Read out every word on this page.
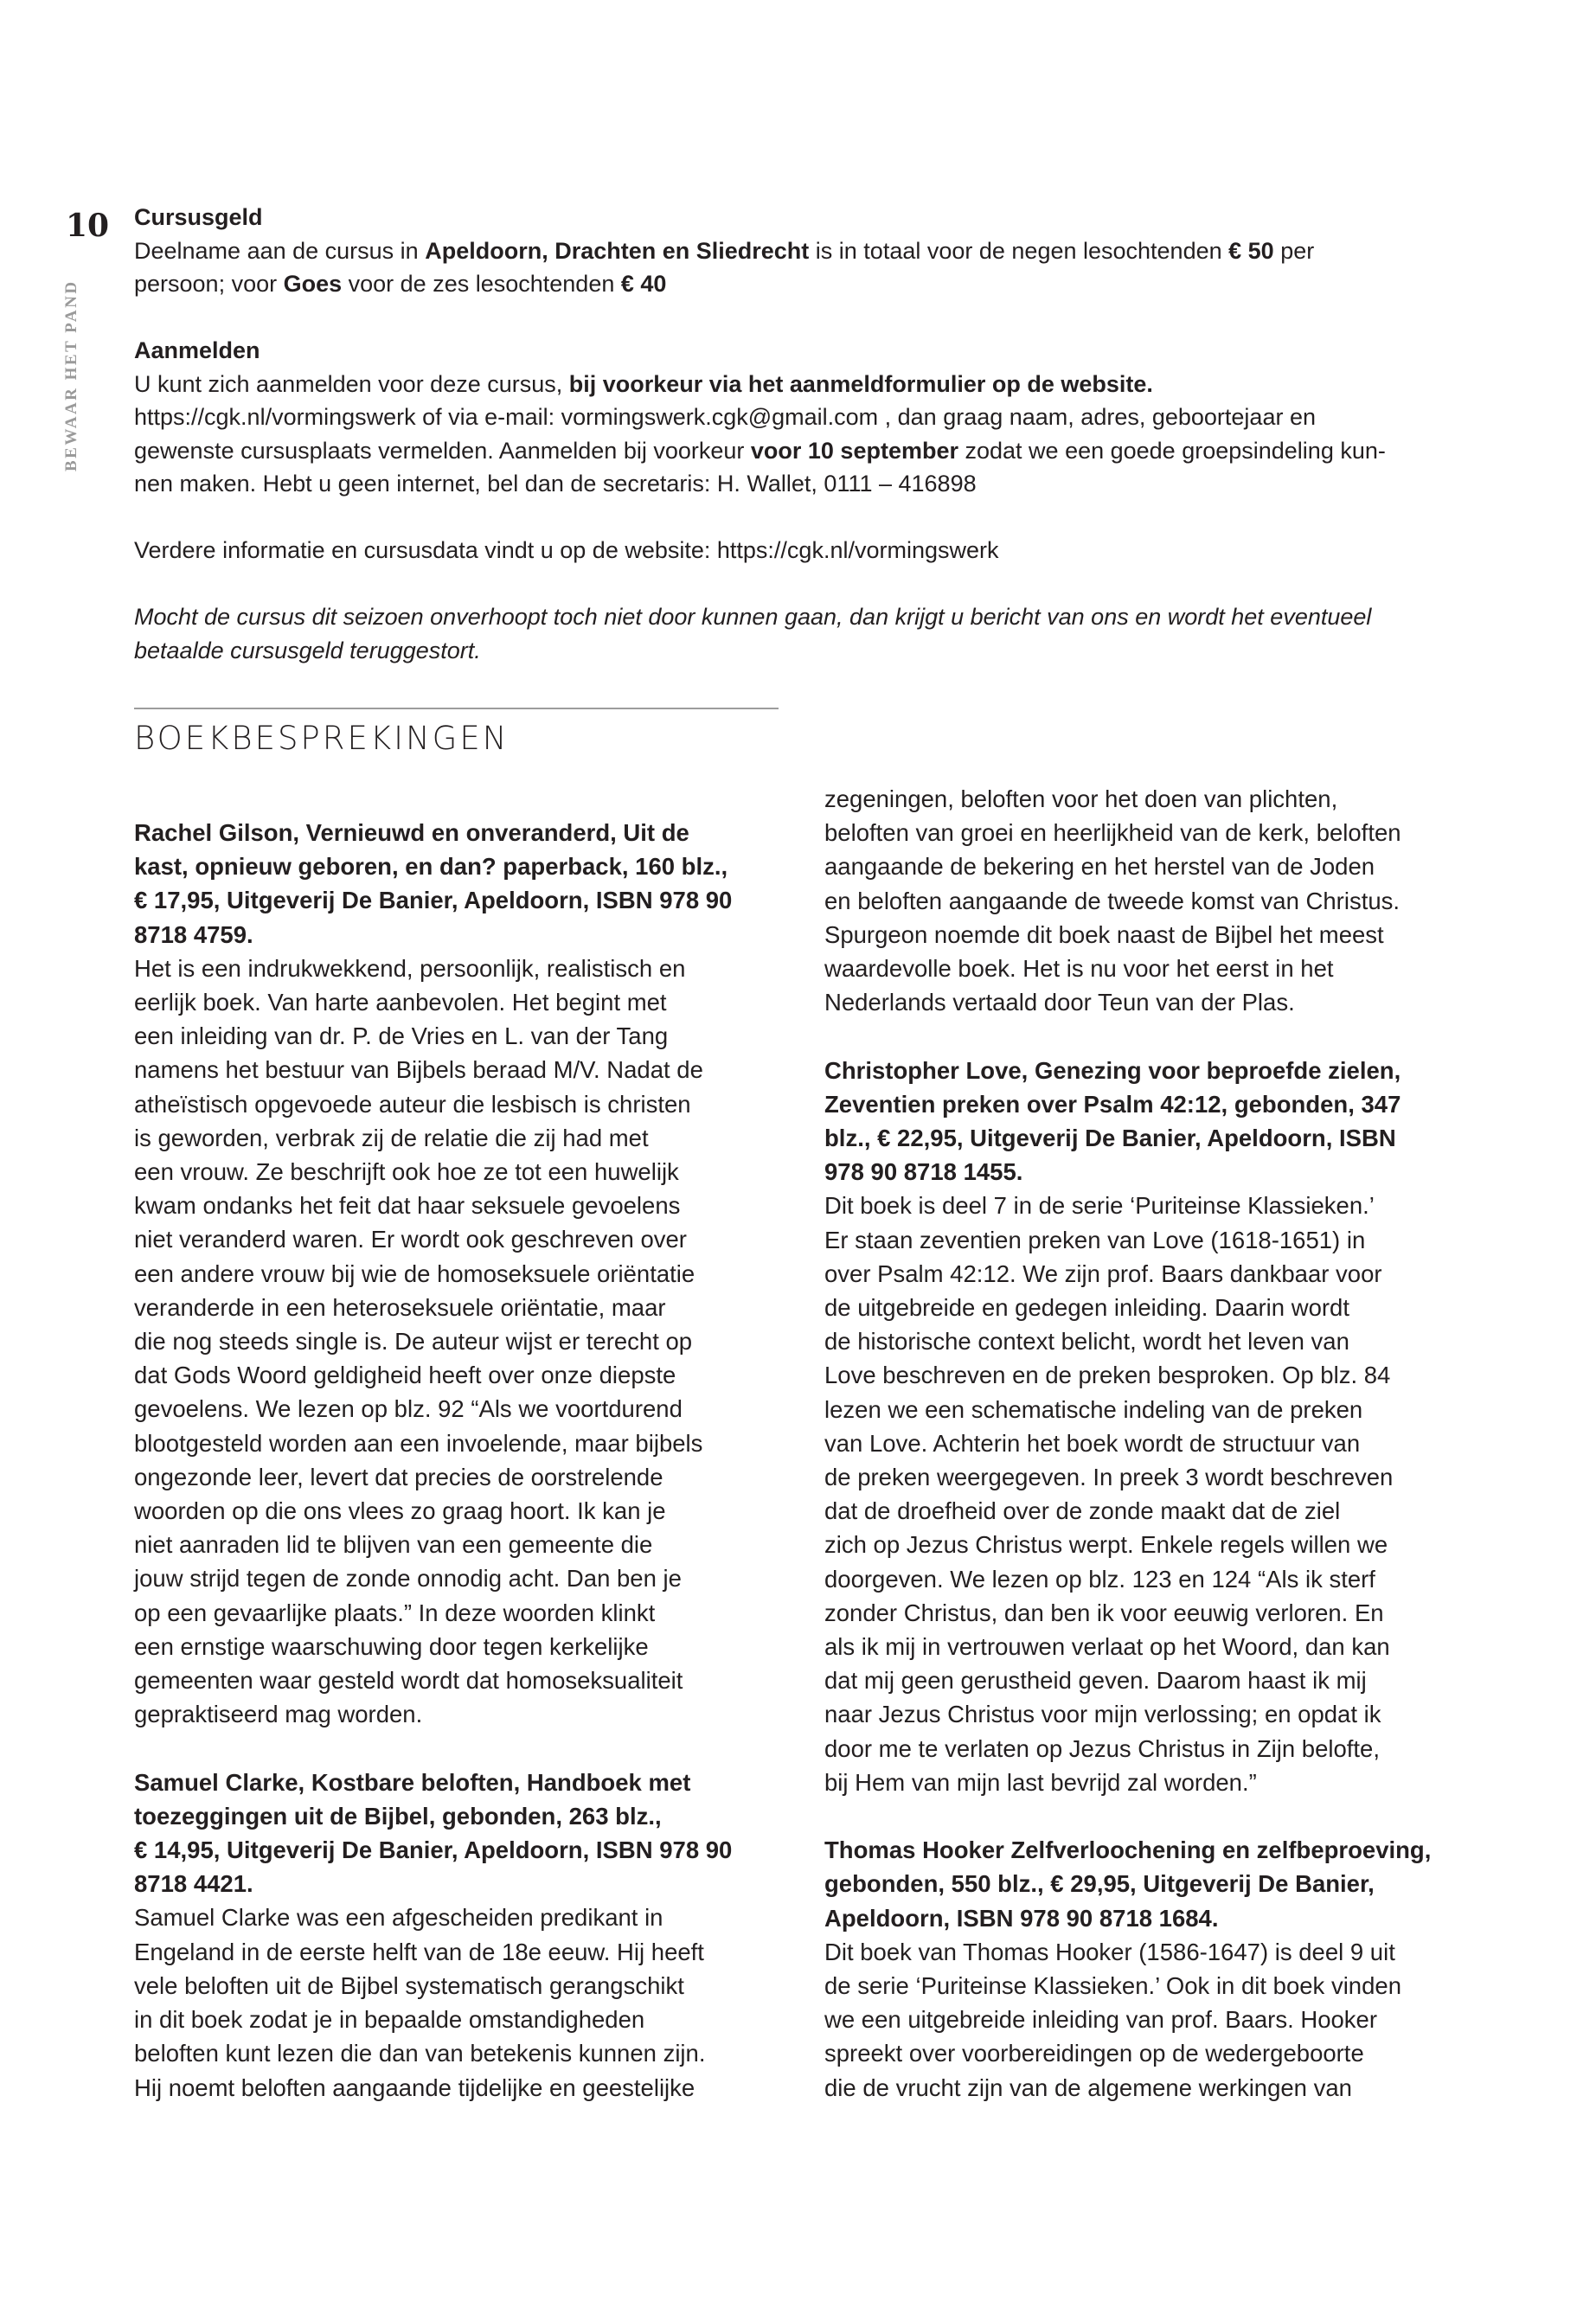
10
BEWAAR HET PAND

Cursusgeld

Deelname aan de cursus in Apeldoorn, Drachten en Sliedrecht is in totaal voor de negen lesochtenden € 50 per

persoon; voor Goes voor de zes lesochtenden € 40

Aanmelden

U kunt zich aanmelden voor deze cursus, bij voorkeur via het aanmeldformulier op de website.

https://cgk.nl/vormingswerk of via e-mail: vormingswerk.cgk@gmail.com , dan graag naam, adres, geboortejaar en

gewenste cursusplaats vermelden. Aanmelden bij voorkeur voor 10 september zodat we een goede groepsindeling kun-

nen maken. Hebt u geen internet, bel dan de secretaris: H. Wallet, 0111 – 416898

Verdere informatie en cursusdata vindt u op de website: https://cgk.nl/vormingswerk

Mocht de cursus dit seizoen onverhoopt toch niet door kunnen gaan, dan krijgt u bericht van ons en wordt het eventueel

betaalde cursusgeld teruggestort.

BOEKBESPREKINGEN

Rachel Gilson, Vernieuwd en onveranderd, Uit de

kast, opnieuw geboren, en dan? paperback, 160 blz.,

€ 17,95, Uitgeverij De Banier, Apeldoorn, ISBN 978 90

8718 4759.

Het is een indrukwekkend, persoonlijk, realistisch en

eerlijk boek. Van harte aanbevolen. Het begint met

een inleiding van dr. P. de Vries en L. van der Tang

namens het bestuur van Bijbels beraad M/V. Nadat de

atheïstisch opgevoede auteur die lesbisch is christen

is geworden, verbrak zij de relatie die zij had met

een vrouw. Ze beschrijft ook hoe ze tot een huwelijk

kwam ondanks het feit dat haar seksuele gevoelens

niet veranderd waren. Er wordt ook geschreven over

een andere vrouw bij wie de homoseksuele oriëntatie

veranderde in een heteroseksuele oriëntatie, maar

die nog steeds single is. De auteur wijst er terecht op

dat Gods Woord geldigheid heeft over onze diepste

gevoelens. We lezen op blz. 92 “Als we voortdurend

blootgesteld worden aan een invoelende, maar bijbels

ongezonde leer, levert dat precies de oorstrelende

woorden op die ons vlees zo graag hoort. Ik kan je

niet aanraden lid te blijven van een gemeente die

jouw strijd tegen de zonde onnodig acht. Dan ben je

op een gevaarlijke plaats.” In deze woorden klinkt

een ernstige waarschuwing door tegen kerkelijke

gemeenten waar gesteld wordt dat homoseksualiteit

gepraktiseerd mag worden.

Samuel Clarke, Kostbare beloften, Handboek met

toezeggingen uit de Bijbel, gebonden, 263 blz.,

€ 14,95, Uitgeverij De Banier, Apeldoorn, ISBN 978 90

8718 4421.

Samuel Clarke was een afgescheiden predikant in

Engeland in de eerste helft van de 18e eeuw. Hij heeft

vele beloften uit de Bijbel systematisch gerangschikt

in dit boek zodat je in bepaalde omstandigheden

beloften kunt lezen die dan van betekenis kunnen zijn.

Hij noemt beloften aangaande tijdelijke en geestelijke

zegeningen, beloften voor het doen van plichten,

beloften van groei en heerlijkheid van de kerk, beloften

aangaande de bekering en het herstel van de Joden

en beloften aangaande de tweede komst van Christus.

Spurgeon noemde dit boek naast de Bijbel het meest

waardevolle boek. Het is nu voor het eerst in het

Nederlands vertaald door Teun van der Plas.

Christopher Love, Genezing voor beproefde zielen,

Zeventien preken over Psalm 42:12, gebonden, 347

blz., € 22,95, Uitgeverij De Banier, Apeldoorn, ISBN

978 90 8718 1455.

Dit boek is deel 7 in de serie ‘Puriteinse Klassieken.’

Er staan zeventien preken van Love (1618-1651) in

over Psalm 42:12. We zijn prof. Baars dankbaar voor

de uitgebreide en gedegen inleiding. Daarin wordt

de historische context belicht, wordt het leven van

Love beschreven en de preken besproken. Op blz. 84

lezen we een schematische indeling van de preken

van Love. Achterin het boek wordt de structuur van

de preken weergegeven. In preek 3 wordt beschreven

dat de droefheid over de zonde maakt dat de ziel

zich op Jezus Christus werpt. Enkele regels willen we

doorgeven. We lezen op blz. 123 en 124 “Als ik sterf

zonder Christus, dan ben ik voor eeuwig verloren. En

als ik mij in vertrouwen verlaat op het Woord, dan kan

dat mij geen gerustheid geven. Daarom haast ik mij

naar Jezus Christus voor mijn verlossing; en opdat ik

door me te verlaten op Jezus Christus in Zijn belofte,

bij Hem van mijn last bevrijd zal worden.”

Thomas Hooker Zelfverloochening en zelfbeproeving,

gebonden, 550 blz., € 29,95, Uitgeverij De Banier,

Apeldoorn, ISBN 978 90 8718 1684.

Dit boek van Thomas Hooker (1586-1647) is deel 9 uit

de serie ‘Puriteinse Klassieken.’ Ook in dit boek vinden

we een uitgebreide inleiding van prof. Baars. Hooker

spreekt over voorbereidingen op de wedergeboorte

die de vrucht zijn van de algemene werkingen van
